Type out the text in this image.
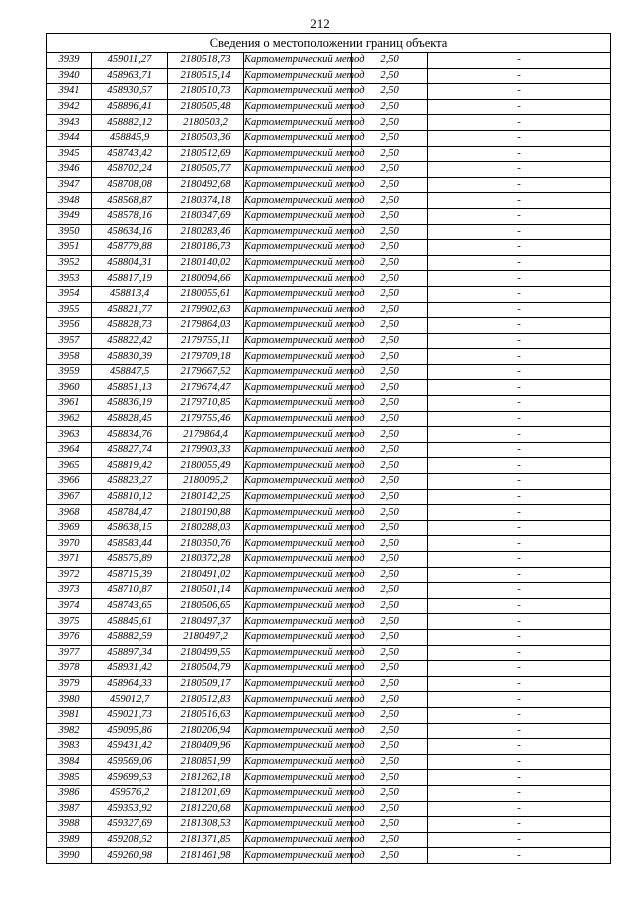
212
Сведения о местоположении границ объекта					
3939	459011,27	2180518,73	Картометрический метод	2,50	-
3940	458963,71	2180515,14	Картометрический метод	2,50	-
3941	458930,57	2180510,73	Картометрический метод	2,50	-
3942	458896,41	2180505,48	Картометрический метод	2,50	-
3943	458882,12	2180503,2	Картометрический метод	2,50	-
3944	458845,9	2180503,36	Картометрический метод	2,50	-
3945	458743,42	2180512,69	Картометрический метод	2,50	-
3946	458702,24	2180505,77	Картометрический метод	2,50	-
3947	458708,08	2180492,68	Картометрический метод	2,50	-
3948	458568,87	2180374,18	Картометрический метод	2,50	-
3949	458578,16	2180347,69	Картометрический метод	2,50	-
3950	458634,16	2180283,46	Картометрический метод	2,50	-
3951	458779,88	2180186,73	Картометрический метод	2,50	-
3952	458804,31	2180140,02	Картометрический метод	2,50	-
3953	458817,19	2180094,66	Картометрический метод	2,50	-
3954	458813,4	2180055,61	Картометрический метод	2,50	-
3955	458821,77	2179902,63	Картометрический метод	2,50	-
3956	458828,73	2179864,03	Картометрический метод	2,50	-
3957	458822,42	2179755,11	Картометрический метод	2,50	-
3958	458830,39	2179709,18	Картометрический метод	2,50	-
3959	458847,5	2179667,52	Картометрический метод	2,50	-
3960	458851,13	2179674,47	Картометрический метод	2,50	-
3961	458836,19	2179710,85	Картометрический метод	2,50	-
3962	458828,45	2179755,46	Картометрический метод	2,50	-
3963	458834,76	2179864,4	Картометрический метод	2,50	-
3964	458827,74	2179903,33	Картометрический метод	2,50	-
3965	458819,42	2180055,49	Картометрический метод	2,50	-
3966	458823,27	2180095,2	Картометрический метод	2,50	-
3967	458810,12	2180142,25	Картометрический метод	2,50	-
3968	458784,47	2180190,88	Картометрический метод	2,50	-
3969	458638,15	2180288,03	Картометрический метод	2,50	-
3970	458583,44	2180350,76	Картометрический метод	2,50	-
3971	458575,89	2180372,28	Картометрический метод	2,50	-
3972	458715,39	2180491,02	Картометрический метод	2,50	-
3973	458710,87	2180501,14	Картометрический метод	2,50	-
3974	458743,65	2180506,65	Картометрический метод	2,50	-
3975	458845,61	2180497,37	Картометрический метод	2,50	-
3976	458882,59	2180497,2	Картометрический метод	2,50	-
3977	458897,34	2180499,55	Картометрический метод	2,50	-
3978	458931,42	2180504,79	Картометрический метод	2,50	-
3979	458964,33	2180509,17	Картометрический метод	2,50	-
3980	459012,7	2180512,83	Картометрический метод	2,50	-
3981	459021,73	2180516,63	Картометрический метод	2,50	-
3982	459095,86	2180206,94	Картометрический метод	2,50	-
3983	459431,42	2180409,96	Картометрический метод	2,50	-
3984	459569,06	2180851,99	Картометрический метод	2,50	-
3985	459699,53	2181262,18	Картометрический метод	2,50	-
3986	459576,2	2181201,69	Картометрический метод	2,50	-
3987	459353,92	2181220,68	Картометрический метод	2,50	-
3988	459327,69	2181308,53	Картометрический метод	2,50	-
3989	459208,52	2181371,85	Картометрический метод	2,50	-
3990	459260,98	2181461,98	Картометрический метод	2,50	-
